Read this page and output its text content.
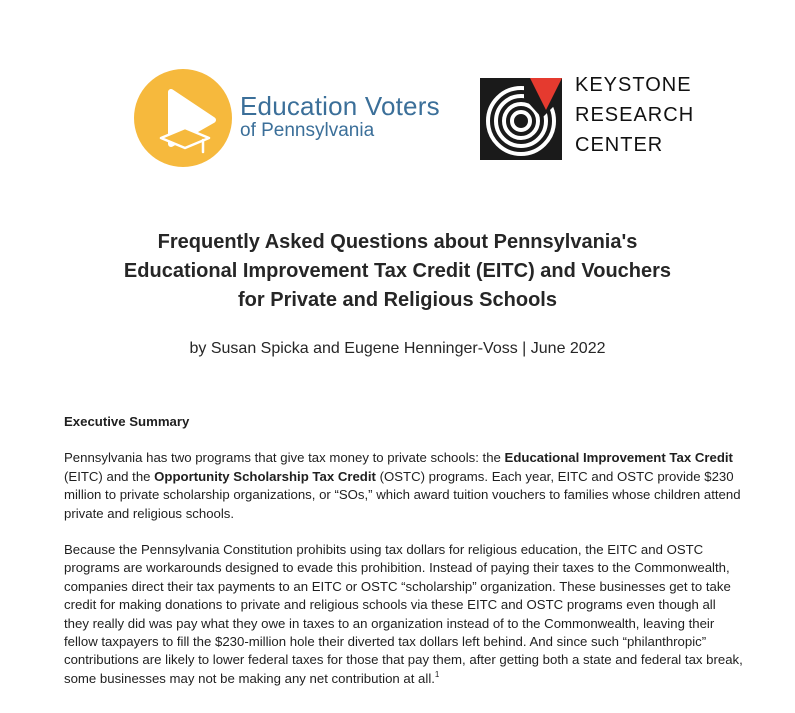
Education Voters
of Pennsylvania
KEYSTONE
RESEARCH
CENTER
Frequently Asked Questions about Pennsylvania's
Educational Improvement Tax Credit (EITC) and Vouchers
for Private and Religious Schools
by Susan Spicka and Eugene Henninger-Voss | June 2022

Executive Summary

Pennsylvania has two programs that give tax money to private schools: the Educational Improvement Tax Credit (EITC) and the Opportunity Scholarship Tax Credit (OSTC) programs. Each year, EITC and OSTC provide $230 million to private scholarship organizations, or “SOs,” which award tuition vouchers to families whose children attend private and religious schools.

Because the Pennsylvania Constitution prohibits using tax dollars for religious education, the EITC and OSTC programs are workarounds designed to evade this prohibition. Instead of paying their taxes to the Commonwealth, companies direct their tax payments to an EITC or OSTC “scholarship” organization. These businesses get to take credit for making donations to private and religious schools via these EITC and OSTC programs even though all they really did was pay what they owe in taxes to an organization instead of to the Commonwealth, leaving their fellow taxpayers to fill the $230-million hole their diverted tax dollars left behind. And since such “philanthropic” contributions are likely to lower federal taxes for those that pay them, after getting both a state and federal tax break, some businesses may not be making any net contribution at all.$^1$
